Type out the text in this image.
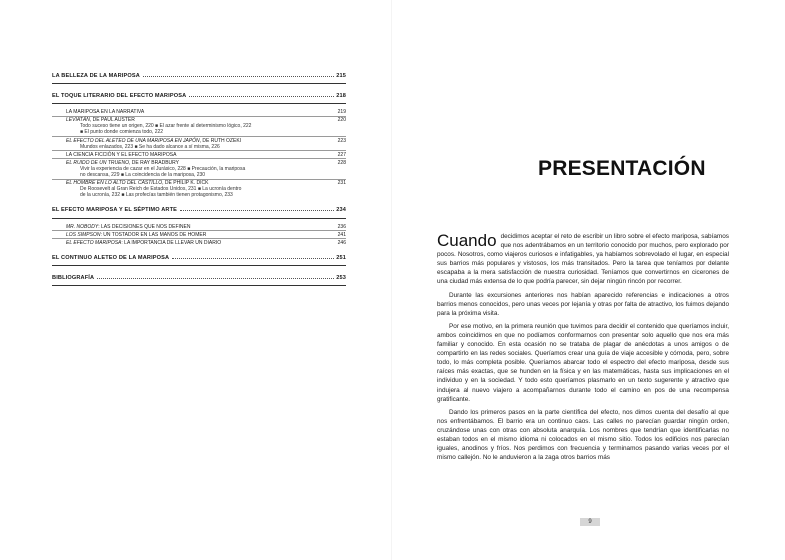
LA BELLEZA DE LA MARIPOSA	215
EL TOQUE LITERARIO DEL EFECTO MARIPOSA	218
LA MARIPOSA EN LA NARRATIVA	219
LEVIATÁN, DE PAUL AUSTER	220
Todo suceso tiene un origen, 220 ■ El azar frente al determinismo lógico, 222
■ El punto donde comienza todo, 222
EL EFECTO DEL ALETEO DE UNA MARIPOSA EN JAPÓN, DE RUTH OZEKI	223
Mundos enlazados, 223 ■ Se ha dado alcance a sí misma, 226
LA CIENCIA FICCIÓN Y EL EFECTO MARIPOSA	227
EL RUIDO DE UN TRUENO, DE RAY BRADBURY	228
Vivir la experiencia de cazar en el Jurásico, 228 ■ Precaución, la mariposa
no descansa, 229 ■ La coincidencia de la mariposa, 230
EL HOMBRE EN LO ALTO DEL CASTILLO, DE PHILIP K. DICK	231
De Roosevelt al Gran Reich de Estados Unidos, 231 ■ La ucronía dentro
de la ucronía, 232 ■ Las profecías también tienen protagonismo, 233
EL EFECTO MARIPOSA Y EL SÉPTIMO ARTE	234
MR. NOBODY: LAS DECISIONES QUE NOS DEFINEN	236
LOS SIMPSON: UN TOSTADOR EN LAS MANOS DE HOMER	241
EL EFECTO MARIPOSA: LA IMPORTANCIA DE LLEVAR UN DIARIO	246
EL CONTINUO ALETEO DE LA MARIPOSA	251
BIBLIOGRAFÍA	253
PRESENTACIÓN

Cuando decidimos aceptar el reto de escribir un libro sobre el efecto mariposa, sabíamos que nos adentrábamos en un territorio conocido por muchos, pero explorado por pocos. Nosotros, como viajeros curiosos e infatigables, ya habíamos sobrevolado el lugar, en especial sus barrios más populares y vistosos, los más transitados. Pero la tarea que teníamos por delante escapaba a la mera satisfacción de nuestra curiosidad. Teníamos que convertirnos en cicerones de una ciudad más extensa de lo que podría parecer, sin dejar ningún rincón por recorrer.

Durante las excursiones anteriores nos habían aparecido referencias e indicaciones a otros barrios menos conocidos, pero unas veces por lejanía y otras por falta de atractivo, los fuimos dejando para la próxima visita.

Por ese motivo, en la primera reunión que tuvimos para decidir el contenido que queríamos incluir, ambos coincidimos en que no podíamos conformarnos con presentar solo aquello que nos era más familiar y conocido. En esta ocasión no se trataba de plagar de anécdotas a unos amigos o de compartirlo en las redes sociales. Queríamos crear una guía de viaje accesible y cómoda, pero, sobre todo, lo más completa posible. Queríamos abarcar todo el espectro del efecto mariposa, desde sus raíces más exactas, que se hunden en la física y en las matemáticas, hasta sus implicaciones en el individuo y en la sociedad. Y todo esto queríamos plasmarlo en un texto sugerente y atractivo que indujera al nuevo viajero a acompañarnos durante todo el camino en pos de una recompensa gratificante.

Dando los primeros pasos en la parte científica del efecto, nos dimos cuenta del desafío al que nos enfrentábamos. El barrio era un continuo caos. Las calles no parecían guardar ningún orden, cruzándose unas con otras con absoluta anarquía. Los nombres que tendrían que identificarlas no estaban todos en el mismo idioma ni colocados en el mismo sitio. Todos los edificios nos parecían iguales, anodinos y fríos. Nos perdimos con frecuencia y terminamos pasando varias veces por el mismo callejón. No le anduvieron a la zaga otros barrios más

9
